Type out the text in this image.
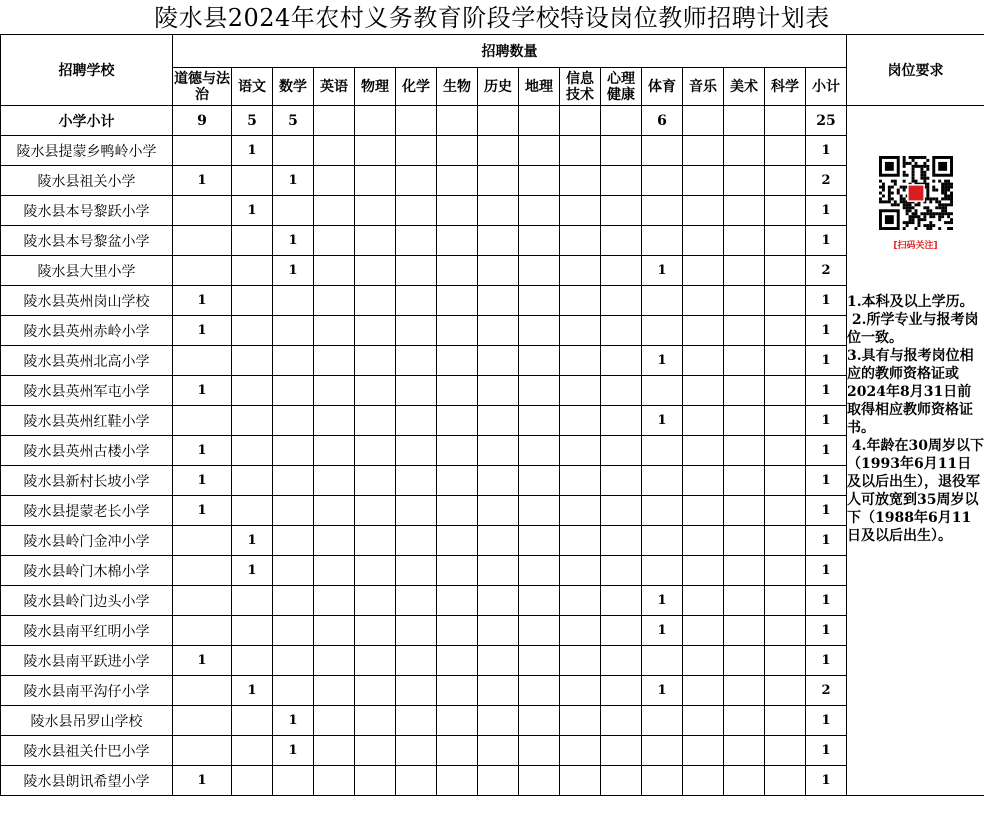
陵水县2024年农村义务教育阶段学校特设岗位教师招聘计划表
招聘学校	招聘数量																岗位要求
	道德与法治	语文	数学	英语	物理	化学	生物	历史	地理	信息技术	心理健康	体育	音乐	美术	科学	小计	
小学小计	9	5	5									6				25	[扫码关注]
1.本科及以上学历。
2.所学专业与报考岗位一致。
3.具有与报考岗位相应的教师资格证或2024年8月31日前取得相应教师资格证书。
4.年龄在30周岁以下（1993年6月11日及以后出生），退役军人可放宽到35周岁以下（1988年6月11日及以后出生）。

陵水县提蒙乡鸭岭小学		1														1	
陵水县祖关小学	1		1													2	
陵水县本号黎跃小学		1														1	
陵水县本号黎盆小学			1													1	
陵水县大里小学			1									1				2	
陵水县英州岗山学校	1															1	
陵水县英州赤岭小学	1															1	
陵水县英州北高小学												1				1	
陵水县英州军屯小学	1															1	
陵水县英州红鞋小学												1				1	
陵水县英州古楼小学	1															1	
陵水县新村长坡小学	1															1	
陵水县提蒙老长小学	1															1	
陵水县岭门金冲小学		1														1	
陵水县岭门木棉小学		1														1	
陵水县岭门边头小学												1				1	
陵水县南平红明小学												1				1	
陵水县南平跃进小学	1															1	
陵水县南平沟仔小学		1										1				2	
陵水县吊罗山学校			1													1	
陵水县祖关什巴小学			1													1	
陵水县朗讯希望小学	1															1	
